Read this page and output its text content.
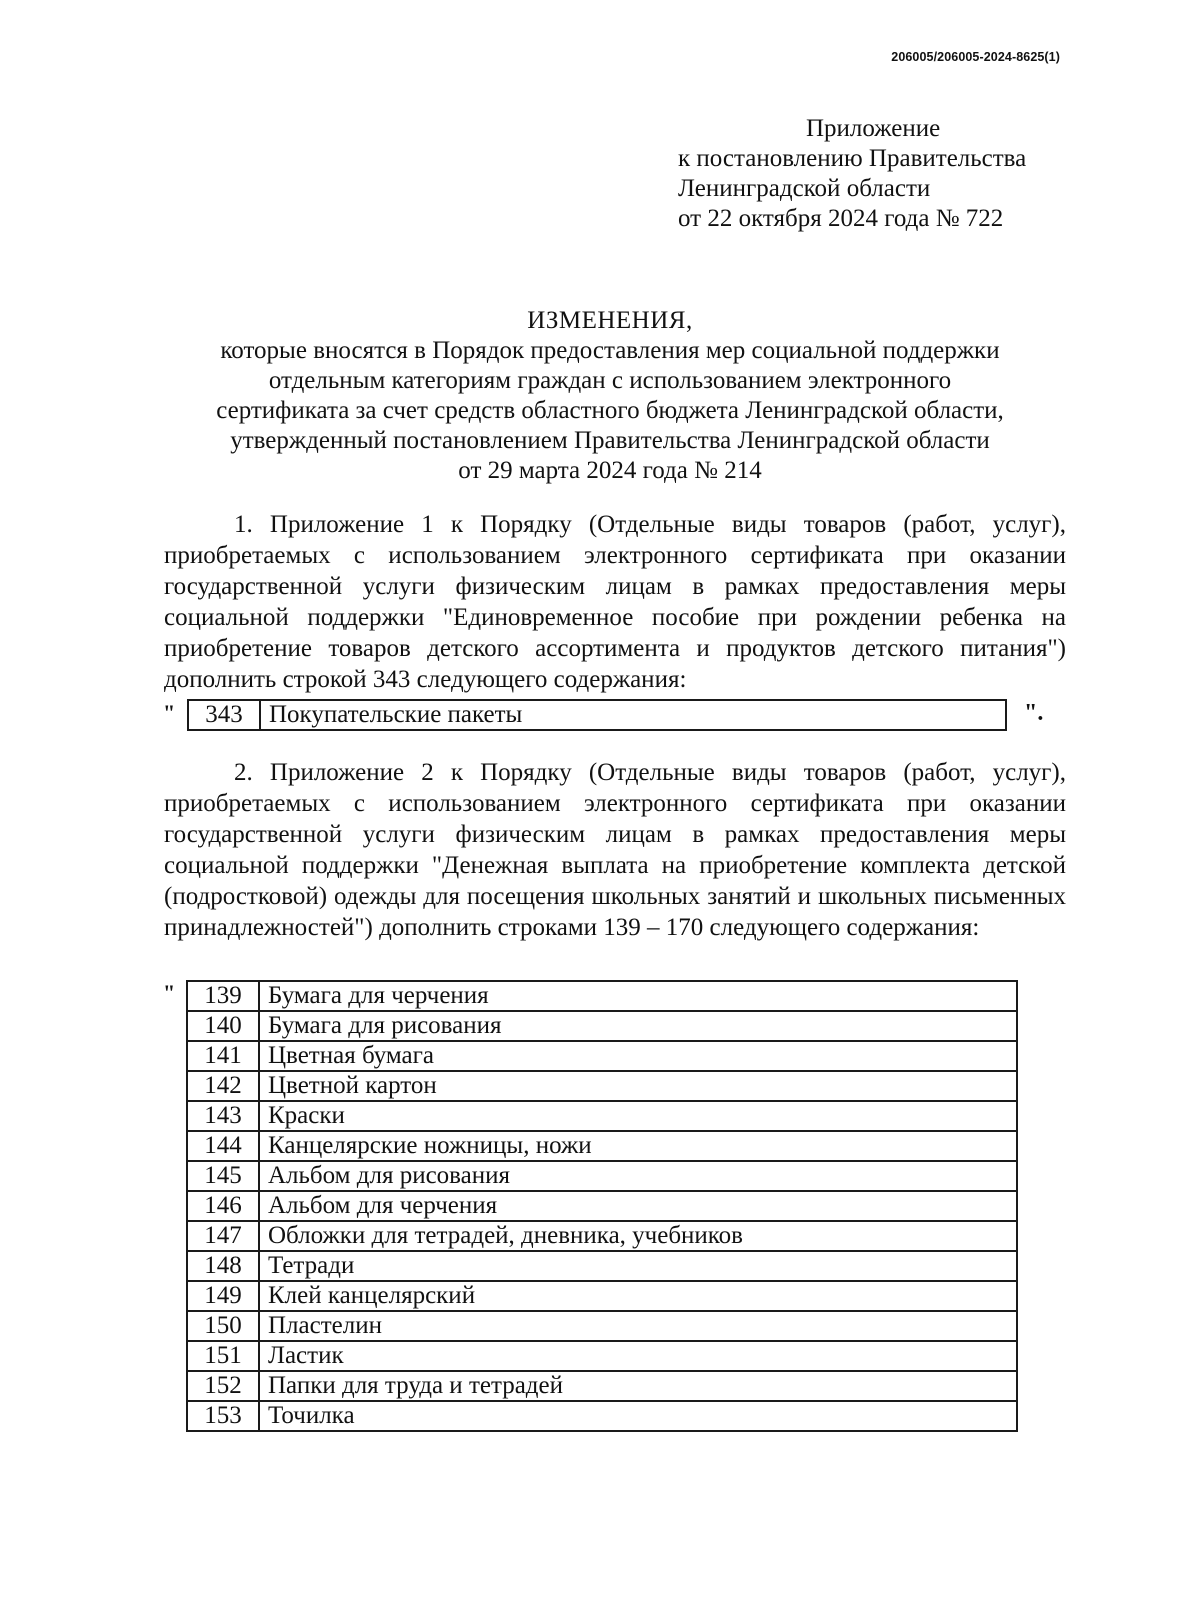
206005/206005-2024-8625(1)
Приложение
к постановлению Правительства
Ленинградской области
от 22 октября 2024 года № 722
ИЗМЕНЕНИЯ,
которые вносятся в Порядок предоставления мер социальной поддержки
отдельным категориям граждан с использованием электронного
сертификата за счет средств областного бюджета Ленинградской области,
утвержденный постановлением Правительства Ленинградской области
от 29 марта 2024 года № 214
1. Приложение 1 к Порядку (Отдельные виды товаров (работ, услуг), приобретаемых с использованием электронного сертификата при оказании государственной услуги физическим лицам в рамках предоставления меры социальной поддержки "Единовременное пособие при рождении ребенка на приобретение товаров детского ассортимента и продуктов детского питания") дополнить строкой 343 следующего содержания:
" 343	Покупательские пакеты	".
2. Приложение 2 к Порядку (Отдельные виды товаров (работ, услуг), приобретаемых с использованием электронного сертификата при оказании государственной услуги физическим лицам в рамках предоставления меры социальной поддержки "Денежная выплата на приобретение комплекта детской (подростковой) одежды для посещения школьных занятий и школьных письменных принадлежностей") дополнить строками 139 – 170 следующего содержания:
" 139	Бумага для черчения
140	Бумага для рисования
141	Цветная бумага
142	Цветной картон
143	Краски
144	Канцелярские ножницы, ножи
145	Альбом для рисования
146	Альбом для черчения
147	Обложки для тетрадей, дневника, учебников
148	Тетради
149	Клей канцелярский
150	Пластелин
151	Ластик
152	Папки для труда и тетрадей
153	Точилка
